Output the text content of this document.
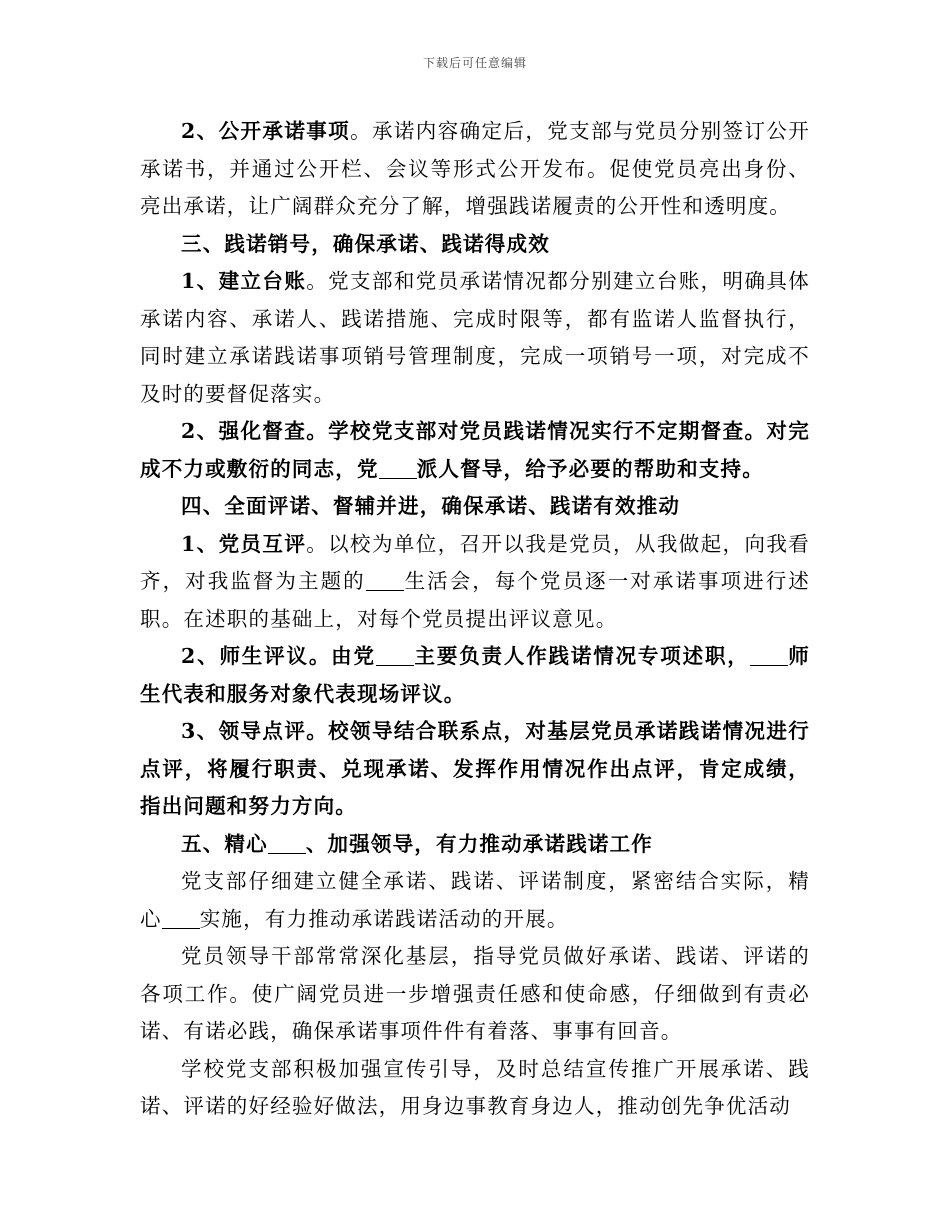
下载后可任意编辑

2、公开承诺事项。承诺内容确定后，党支部与党员分别签订公开承诺书，并通过公开栏、会议等形式公开发布。促使党员亮出身份、亮出承诺，让广阔群众充分了解，增强践诺履责的公开性和透明度。

三、践诺销号，确保承诺、践诺得成效

1、建立台账。党支部和党员承诺情况都分别建立台账，明确具体承诺内容、承诺人、践诺措施、完成时限等，都有监诺人监督执行，同时建立承诺践诺事项销号管理制度，完成一项销号一项，对完成不及时的要督促落实。

2、强化督查。学校党支部对党员践诺情况实行不定期督查。对完成不力或敷衍的同志，党 派人督导，给予必要的帮助和支持。

四、全面评诺、督辅并进，确保承诺、践诺有效推动

1、党员互评。以校为单位，召开以我是党员，从我做起，向我看齐，对我监督为主题的 生活会，每个党员逐一对承诺事项进行述职。在述职的基础上，对每个党员提出评议意见。

2、师生评议。由党 主要负责人作践诺情况专项述职， 师生代表和服务对象代表现场评议。

3、领导点评。校领导结合联系点，对基层党员承诺践诺情况进行点评，将履行职责、兑现承诺、发挥作用情况作出点评，肯定成绩，指出问题和努力方向。

五、精心 、加强领导，有力推动承诺践诺工作

党支部仔细建立健全承诺、践诺、评诺制度，紧密结合实际，精心 实施，有力推动承诺践诺活动的开展。

党员领导干部常常深化基层，指导党员做好承诺、践诺、评诺的各项工作。使广阔党员进一步增强责任感和使命感，仔细做到有责必诺、有诺必践，确保承诺事项件件有着落、事事有回音。

学校党支部积极加强宣传引导，及时总结宣传推广开展承诺、践诺、评诺的好经验好做法，用身边事教育身边人，推动创先争优活动
